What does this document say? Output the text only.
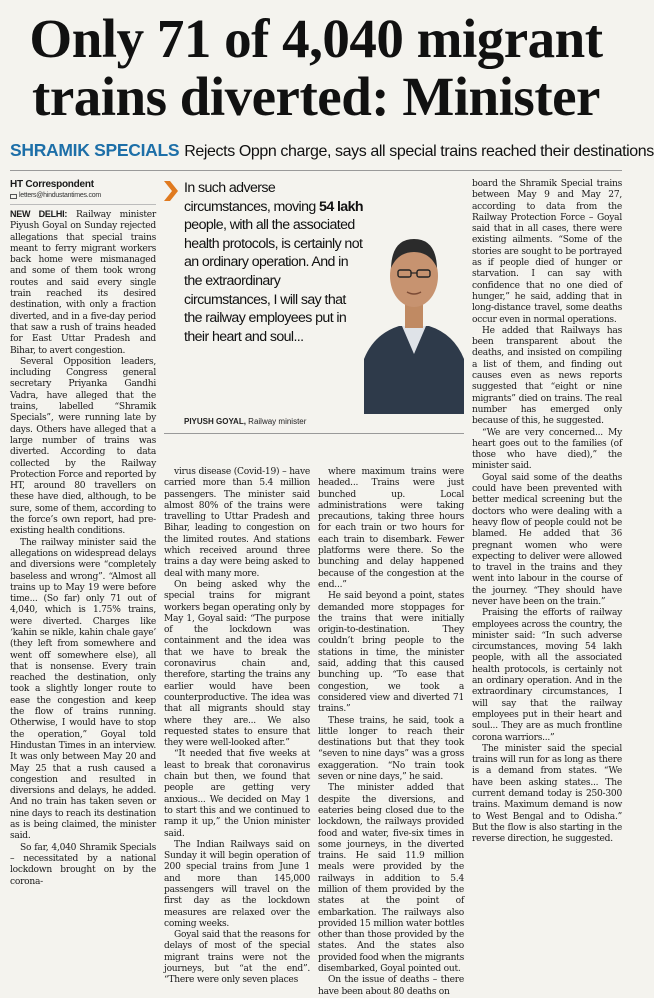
Only 71 of 4,040 migrant
trains diverted: Minister
SHRAMIK SPECIALS Rejects Oppn charge, says all special trains reached their destinations
HT Correspondent
letters@hindustantimes.com

NEW DELHI: Railway minister Piyush Goyal on Sunday rejected allegations that special trains meant to ferry migrant workers back home were mismanaged and some of them took wrong routes and said every single train reached its desired destination, with only a fraction diverted, and in a five-day period that saw a rush of trains headed for East Uttar Pradesh and Bihar, to avert congestion.

Several Opposition leaders, including Congress general secretary Priyanka Gandhi Vadra, have alleged that the trains, labelled “Shramik Specials”, were running late by days. Others have alleged that a large number of trains was diverted. According to data collected by the Railway Protection Force and reported by HT, around 80 travellers on these have died, although, to be sure, some of them, according to the force’s own report, had pre-existing health conditions.

The railway minister said the allegations on widespread delays and diversions were “completely baseless and wrong”. “Almost all trains up to May 19 were before time... (So far) only 71 out of 4,040, which is 1.75% trains, were diverted. Charges like ‘kahin se nikle, kahin chale gaye’ (they left from somewhere and went off somewhere else), all that is nonsense. Every train reached the destination, only took a slightly longer route to ease the congestion and keep the flow of trains running. Otherwise, I would have to stop the operation,” Goyal told Hindustan Times in an interview. It was only between May 20 and May 25 that a rush caused a congestion and resulted in diversions and delays, he added. And no train has taken seven or nine days to reach its destination as is being claimed, the minister said.

So far, 4,040 Shramik Specials – necessitated by a national lockdown brought on by the corona-

In such adverse circumstances, moving 54 lakh people, with all the associated health protocols, is certainly not an ordinary operation. And in the extraordinary circumstances, I will say that the railway employees put in their heart and soul...
PIYUSH GOYAL, Railway minister

virus disease (Covid-19) – have carried more than 5.4 million passengers. The minister said almost 80% of the trains were travelling to Uttar Pradesh and Bihar, leading to congestion on the limited routes. And stations which received around three trains a day were being asked to deal with many more.

On being asked why the special trains for migrant workers began operating only by May 1, Goyal said: “The purpose of the lockdown was containment and the idea was that we have to break the coronavirus chain and, therefore, starting the trains any earlier would have been counterproductive. The idea was that all migrants should stay where they are... We also requested states to ensure that they were well-looked after.”

“It needed that five weeks at least to break that coronavirus chain but then, we found that people are getting very anxious... We decided on May 1 to start this and we continued to ramp it up,” the Union minister said.

The Indian Railways said on Sunday it will begin operation of 200 special trains from June 1 and more than 145,000 passengers will travel on the first day as the lockdown measures are relaxed over the coming weeks.

Goyal said that the reasons for delays of most of the special migrant trains were not the journeys, but “at the end”. “There were only seven places

where maximum trains were headed... Trains were just bunched up. Local administrations were taking precautions, taking three hours for each train or two hours for each train to disembark. Fewer platforms were there. So the bunching and delay happened because of the congestion at the end...”

He said beyond a point, states demanded more stoppages for the trains that were initially origin-to-destination. They couldn’t bring people to the stations in time, the minister said, adding that this caused bunching up. “To ease that congestion, we took a considered view and diverted 71 trains.”

These trains, he said, took a little longer to reach their destinations but that they took “seven to nine days” was a gross exaggeration. “No train took seven or nine days,” he said.

The minister added that despite the diversions, and eateries being closed due to the lockdown, the railways provided food and water, five-six times in some journeys, in the diverted trains. He said 11.9 million meals were provided by the railways in addition to 5.4 million of them provided by the states at the point of embarkation. The railways also provided 15 million water bottles other than those provided by the states. And the states also provided food when the migrants disembarked, Goyal pointed out.

On the issue of deaths – there have been about 80 deaths on

board the Shramik Special trains between May 9 and May 27, according to data from the Railway Protection Force – Goyal said that in all cases, there were existing ailments. “Some of the stories are sought to be portrayed as if people died of hunger or starvation. I can say with confidence that no one died of hunger,” he said, adding that in long-distance travel, some deaths occur even in normal operations.

He added that Railways has been transparent about the deaths, and insisted on compiling a list of them, and finding out causes even as news reports suggested that “eight or nine migrants” died on trains. The real number has emerged only because of this, he suggested.

“We are very concerned... My heart goes out to the families (of those who have died),” the minister said.

Goyal said some of the deaths could have been prevented with better medical screening but the doctors who were dealing with a heavy flow of people could not be blamed. He added that 36 pregnant women who were expecting to deliver were allowed to travel in the trains and they went into labour in the course of the journey. “They should have never have been on the train.”

Praising the efforts of railway employees across the country, the minister said: “In such adverse circumstances, moving 54 lakh people, with all the associated health protocols, is certainly not an ordinary operation. And in the extraordinary circumstances, I will say that the railway employees put in their heart and soul... They are as much frontline corona warriors...”

The minister said the special trains will run for as long as there is a demand from states. “We have been asking states... The current demand today is 250-300 trains. Maximum demand is now to West Bengal and to Odisha.” But the flow is also starting in the reverse direction, he suggested.
